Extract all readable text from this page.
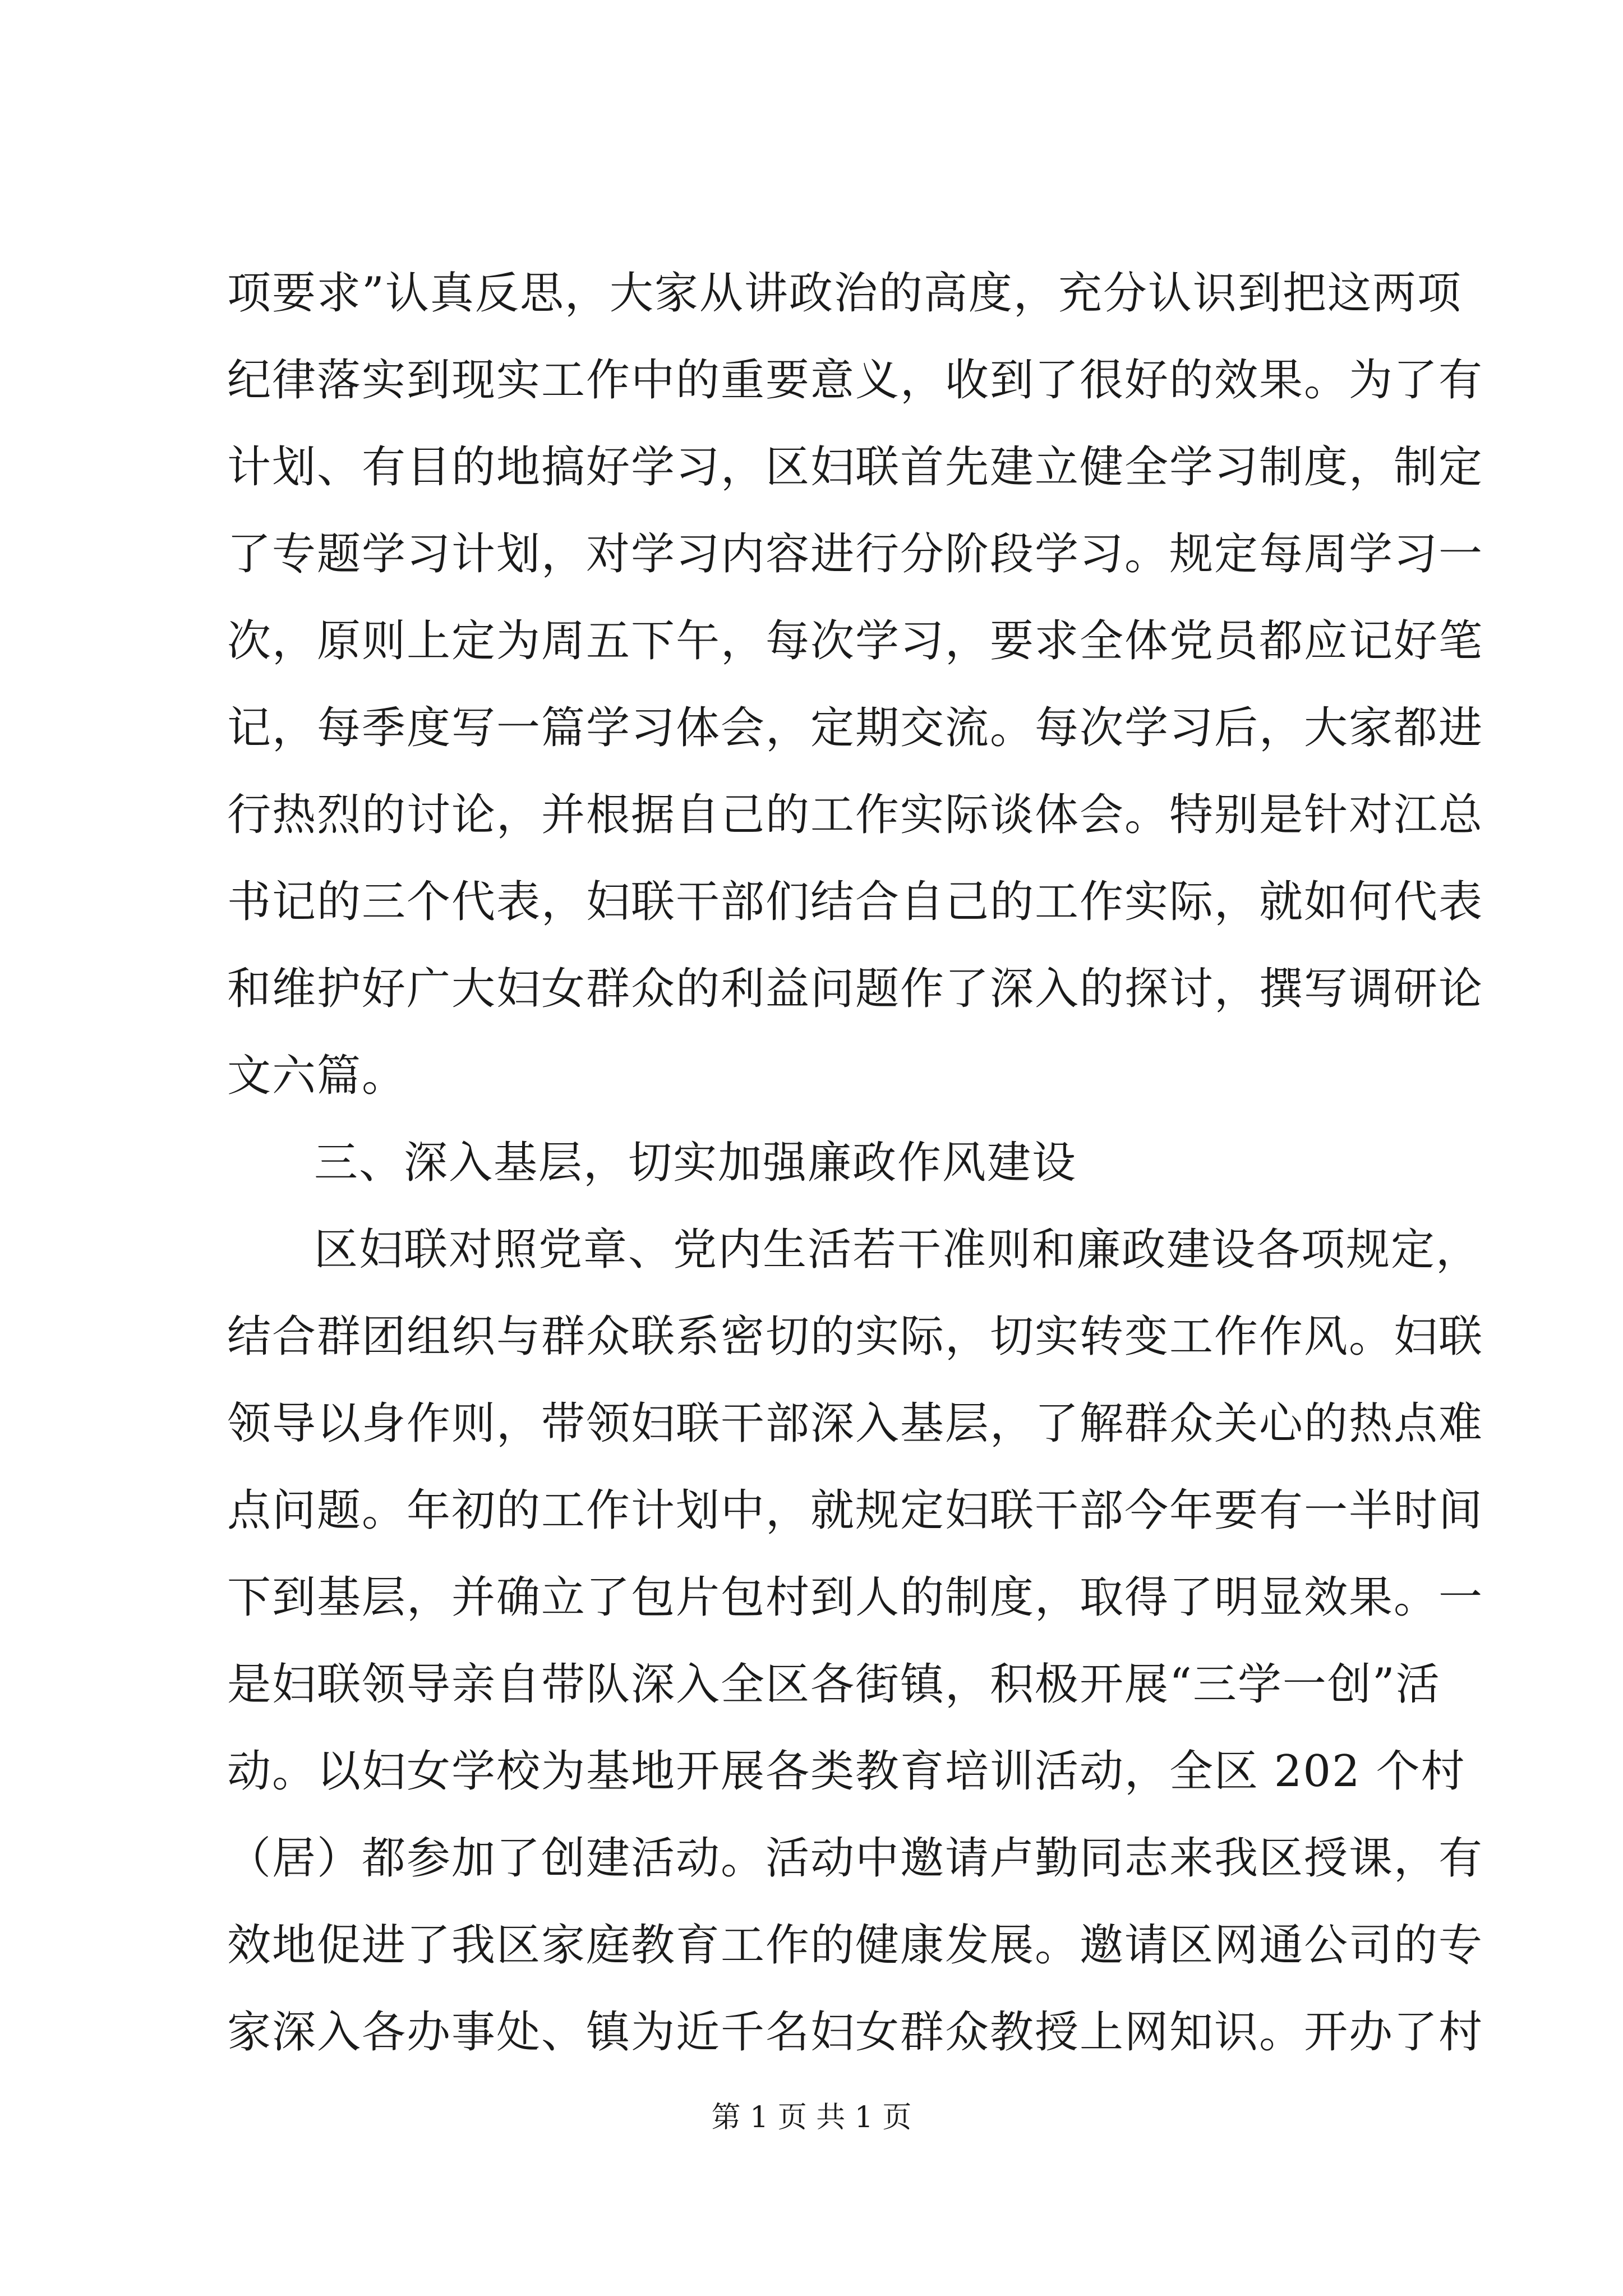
项要求”认真反思，大家从讲政治的高度，充分认识到把这两项
纪律落实到现实工作中的重要意义，收到了很好的效果。为了有
计划、有目的地搞好学习，区妇联首先建立健全学习制度，制定
了专题学习计划，对学习内容进行分阶段学习。规定每周学习一
次，原则上定为周五下午，每次学习，要求全体党员都应记好笔
记，每季度写一篇学习体会，定期交流。每次学习后，大家都进
行热烈的讨论，并根据自己的工作实际谈体会。特别是针对江总
书记的三个代表，妇联干部们结合自己的工作实际，就如何代表
和维护好广大妇女群众的利益问题作了深入的探讨，撰写调研论
文六篇。
三、深入基层，切实加强廉政作风建设
区妇联对照党章、党内生活若干准则和廉政建设各项规定，
结合群团组织与群众联系密切的实际，切实转变工作作风。妇联
领导以身作则，带领妇联干部深入基层，了解群众关心的热点难
点问题。年初的工作计划中，就规定妇联干部今年要有一半时间
下到基层，并确立了包片包村到人的制度，取得了明显效果。一
是妇联领导亲自带队深入全区各街镇，积极开展“三学一创”活
动。以妇女学校为基地开展各类教育培训活动，全区 202 个村
（居）都参加了创建活动。活动中邀请卢勤同志来我区授课，有
效地促进了我区家庭教育工作的健康发展。邀请区网通公司的专
家深入各办事处、镇为近千名妇女群众教授上网知识。开办了村
第 1 页 共 1 页
